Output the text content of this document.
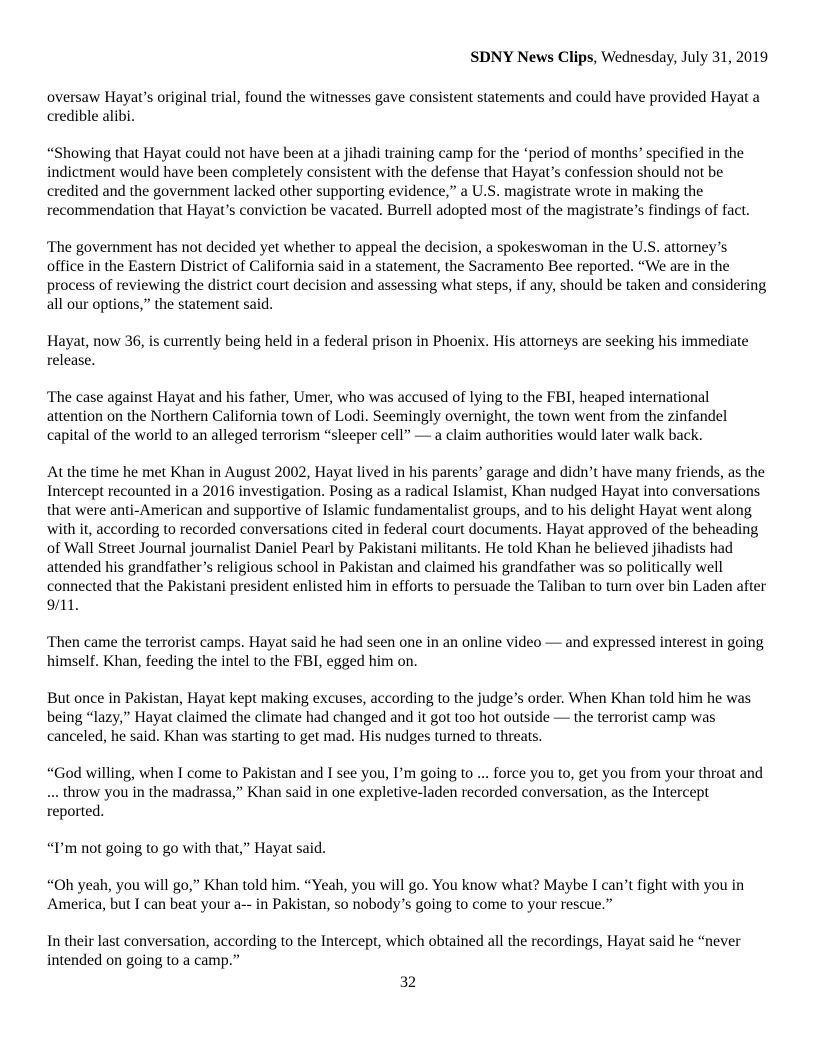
SDNY News Clips, Wednesday, July 31, 2019

oversaw Hayat’s original trial, found the witnesses gave consistent statements and could have provided Hayat a credible alibi.

“Showing that Hayat could not have been at a jihadi training camp for the ‘period of months’ specified in the indictment would have been completely consistent with the defense that Hayat’s confession should not be credited and the government lacked other supporting evidence,” a U.S. magistrate wrote in making the recommendation that Hayat’s conviction be vacated. Burrell adopted most of the magistrate’s findings of fact.

The government has not decided yet whether to appeal the decision, a spokeswoman in the U.S. attorney’s office in the Eastern District of California said in a statement, the Sacramento Bee reported. “We are in the process of reviewing the district court decision and assessing what steps, if any, should be taken and considering all our options,” the statement said.

Hayat, now 36, is currently being held in a federal prison in Phoenix. His attorneys are seeking his immediate release.

The case against Hayat and his father, Umer, who was accused of lying to the FBI, heaped international attention on the Northern California town of Lodi. Seemingly overnight, the town went from the zinfandel capital of the world to an alleged terrorism “sleeper cell” — a claim authorities would later walk back.

At the time he met Khan in August 2002, Hayat lived in his parents’ garage and didn’t have many friends, as the Intercept recounted in a 2016 investigation. Posing as a radical Islamist, Khan nudged Hayat into conversations that were anti-American and supportive of Islamic fundamentalist groups, and to his delight Hayat went along with it, according to recorded conversations cited in federal court documents. Hayat approved of the beheading of Wall Street Journal journalist Daniel Pearl by Pakistani militants. He told Khan he believed jihadists had attended his grandfather’s religious school in Pakistan and claimed his grandfather was so politically well connected that the Pakistani president enlisted him in efforts to persuade the Taliban to turn over bin Laden after 9/11.

Then came the terrorist camps. Hayat said he had seen one in an online video — and expressed interest in going himself. Khan, feeding the intel to the FBI, egged him on.

But once in Pakistan, Hayat kept making excuses, according to the judge’s order. When Khan told him he was being “lazy,” Hayat claimed the climate had changed and it got too hot outside — the terrorist camp was canceled, he said. Khan was starting to get mad. His nudges turned to threats.

“God willing, when I come to Pakistan and I see you, I’m going to ... force you to, get you from your throat and ... throw you in the madrassa,” Khan said in one expletive-laden recorded conversation, as the Intercept reported.

“I’m not going to go with that,” Hayat said.

“Oh yeah, you will go,” Khan told him. “Yeah, you will go. You know what? Maybe I can’t fight with you in America, but I can beat your a-- in Pakistan, so nobody’s going to come to your rescue.”

In their last conversation, according to the Intercept, which obtained all the recordings, Hayat said he “never intended on going to a camp.”

32
